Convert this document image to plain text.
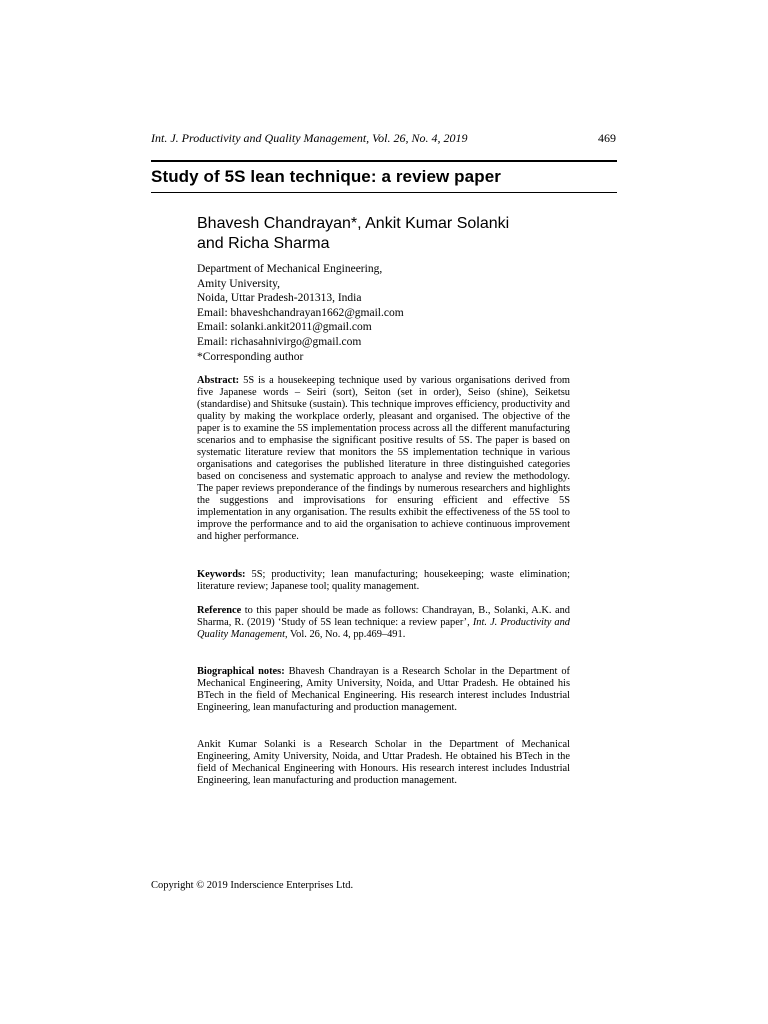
Int. J. Productivity and Quality Management, Vol. 26, No. 4, 2019	469
Study of 5S lean technique: a review paper
Bhavesh Chandrayan*, Ankit Kumar Solanki
and Richa Sharma
Department of Mechanical Engineering,
Amity University,
Noida, Uttar Pradesh-201313, India
Email: bhaveshchandrayan1662@gmail.com
Email: solanki.ankit2011@gmail.com
Email: richasahnivirgo@gmail.com
*Corresponding author
Abstract: 5S is a housekeeping technique used by various organisations derived from five Japanese words – Seiri (sort), Seiton (set in order), Seiso (shine), Seiketsu (standardise) and Shitsuke (sustain). This technique improves efficiency, productivity and quality by making the workplace orderly, pleasant and organised. The objective of the paper is to examine the 5S implementation process across all the different manufacturing scenarios and to emphasise the significant positive results of 5S. The paper is based on systematic literature review that monitors the 5S implementation technique in various organisations and categorises the published literature in three distinguished categories based on conciseness and systematic approach to analyse and review the methodology. The paper reviews preponderance of the findings by numerous researchers and highlights the suggestions and improvisations for ensuring efficient and effective 5S implementation in any organisation. The results exhibit the effectiveness of the 5S tool to improve the performance and to aid the organisation to achieve continuous improvement and higher performance.
Keywords: 5S; productivity; lean manufacturing; housekeeping; waste elimination; literature review; Japanese tool; quality management.
Reference to this paper should be made as follows: Chandrayan, B., Solanki, A.K. and Sharma, R. (2019) ‘Study of 5S lean technique: a review paper’, Int. J. Productivity and Quality Management, Vol. 26, No. 4, pp.469–491.
Biographical notes: Bhavesh Chandrayan is a Research Scholar in the Department of Mechanical Engineering, Amity University, Noida, and Uttar Pradesh. He obtained his BTech in the field of Mechanical Engineering. His research interest includes Industrial Engineering, lean manufacturing and production management.
Ankit Kumar Solanki is a Research Scholar in the Department of Mechanical Engineering, Amity University, Noida, and Uttar Pradesh. He obtained his BTech in the field of Mechanical Engineering with Honours. His research interest includes Industrial Engineering, lean manufacturing and production management.
Copyright © 2019 Inderscience Enterprises Ltd.
